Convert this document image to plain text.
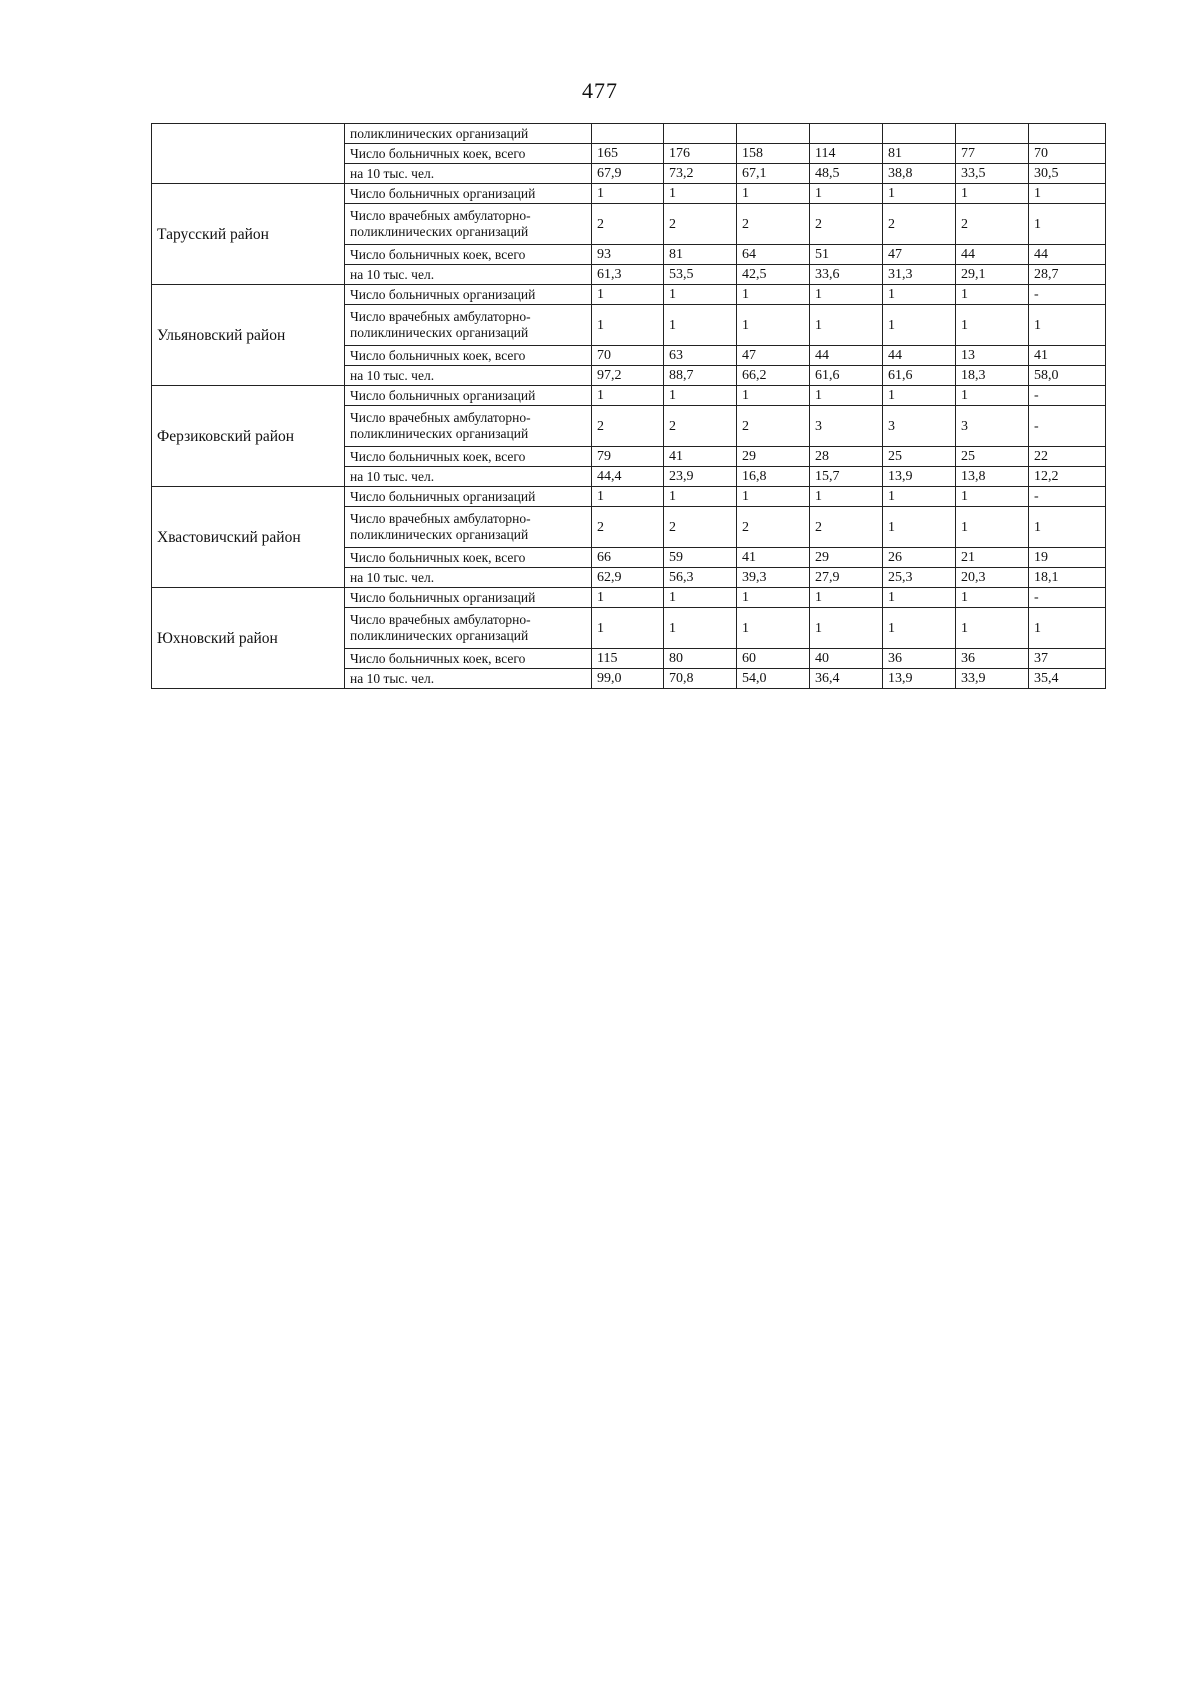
477
	поликлинических организаций							
	Число больничных коек, всего	165	176	158	114	81	77	70
	на 10 тыс. чел.	67,9	73,2	67,1	48,5	38,8	33,5	30,5
Тарусский район	Число больничных организаций	1	1	1	1	1	1	1
	Число врачебных амбулаторно-поликлинических организаций	2	2	2	2	2	2	1
	Число больничных коек, всего	93	81	64	51	47	44	44
	на 10 тыс. чел.	61,3	53,5	42,5	33,6	31,3	29,1	28,7
Ульяновский район	Число больничных организаций	1	1	1	1	1	1	-
	Число врачебных амбулаторно-поликлинических организаций	1	1	1	1	1	1	1
	Число больничных коек, всего	70	63	47	44	44	13	41
	на 10 тыс. чел.	97,2	88,7	66,2	61,6	61,6	18,3	58,0
Ферзиковский район	Число больничных организаций	1	1	1	1	1	1	-
	Число врачебных амбулаторно-поликлинических организаций	2	2	2	3	3	3	-
	Число больничных коек, всего	79	41	29	28	25	25	22
	на 10 тыс. чел.	44,4	23,9	16,8	15,7	13,9	13,8	12,2
Хвастовичский район	Число больничных организаций	1	1	1	1	1	1	-
	Число врачебных амбулаторно-поликлинических организаций	2	2	2	2	1	1	1
	Число больничных коек, всего	66	59	41	29	26	21	19
	на 10 тыс. чел.	62,9	56,3	39,3	27,9	25,3	20,3	18,1
Юхновский район	Число больничных организаций	1	1	1	1	1	1	-
	Число врачебных амбулаторно-поликлинических организаций	1	1	1	1	1	1	1
	Число больничных коек, всего	115	80	60	40	36	36	37
	на 10 тыс. чел.	99,0	70,8	54,0	36,4	13,9	33,9	35,4
